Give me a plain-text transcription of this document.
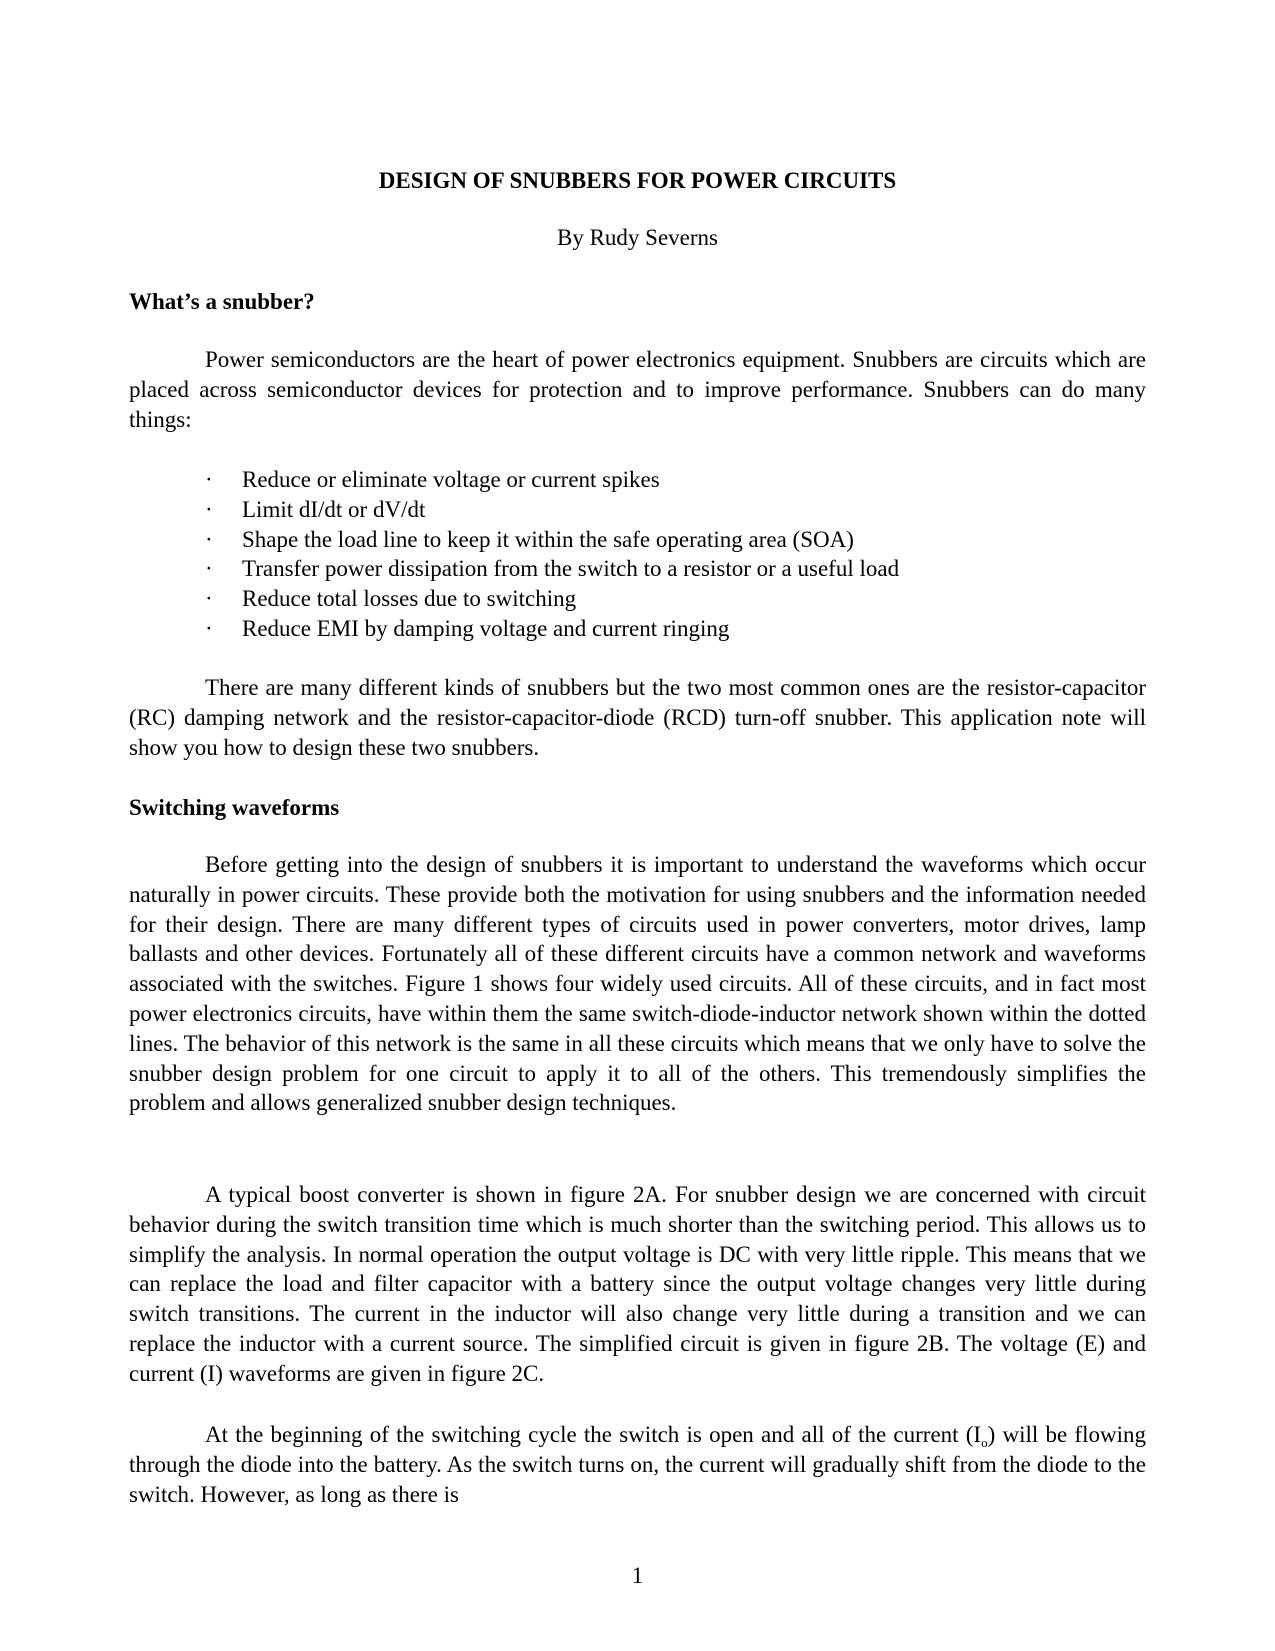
DESIGN OF SNUBBERS FOR POWER CIRCUITS
By Rudy Severns
What’s a snubber?

Power semiconductors are the heart of power electronics equipment. Snubbers are circuits which are placed across semiconductor devices for protection and to improve performance. Snubbers can do many things:

· Reduce or eliminate voltage or current spikes
· Limit dI/dt or dV/dt
· Shape the load line to keep it within the safe operating area (SOA)
· Transfer power dissipation from the switch to a resistor or a useful load
· Reduce total losses due to switching
· Reduce EMI by damping voltage and current ringing

There are many different kinds of snubbers but the two most common ones are the resistor-capacitor (RC) damping network and the resistor-capacitor-diode (RCD) turn-off snubber. This application note will show you how to design these two snubbers.

Switching waveforms

Before getting into the design of snubbers it is important to understand the waveforms which occur naturally in power circuits. These provide both the motivation for using snubbers and the information needed for their design. There are many different types of circuits used in power converters, motor drives, lamp ballasts and other devices. Fortunately all of these different circuits have a common network and waveforms associated with the switches. Figure 1 shows four widely used circuits. All of these circuits, and in fact most power electronics circuits, have within them the same switch-diode-inductor network shown within the dotted lines. The behavior of this network is the same in all these circuits which means that we only have to solve the snubber design problem for one circuit to apply it to all of the others. This tremendously simplifies the problem and allows generalized snubber design techniques.

A typical boost converter is shown in figure 2A. For snubber design we are concerned with circuit behavior during the switch transition time which is much shorter than the switching period. This allows us to simplify the analysis. In normal operation the output voltage is DC with very little ripple. This means that we can replace the load and filter capacitor with a battery since the output voltage changes very little during switch transitions. The current in the inductor will also change very little during a transition and we can replace the inductor with a current source. The simplified circuit is given in figure 2B. The voltage (E) and current (I) waveforms are given in figure 2C.

At the beginning of the switching cycle the switch is open and all of the current $(I_o)$ will be flowing through the diode into the battery. As the switch turns on, the current will gradually shift from the diode to the switch. However, as long as there is

1
